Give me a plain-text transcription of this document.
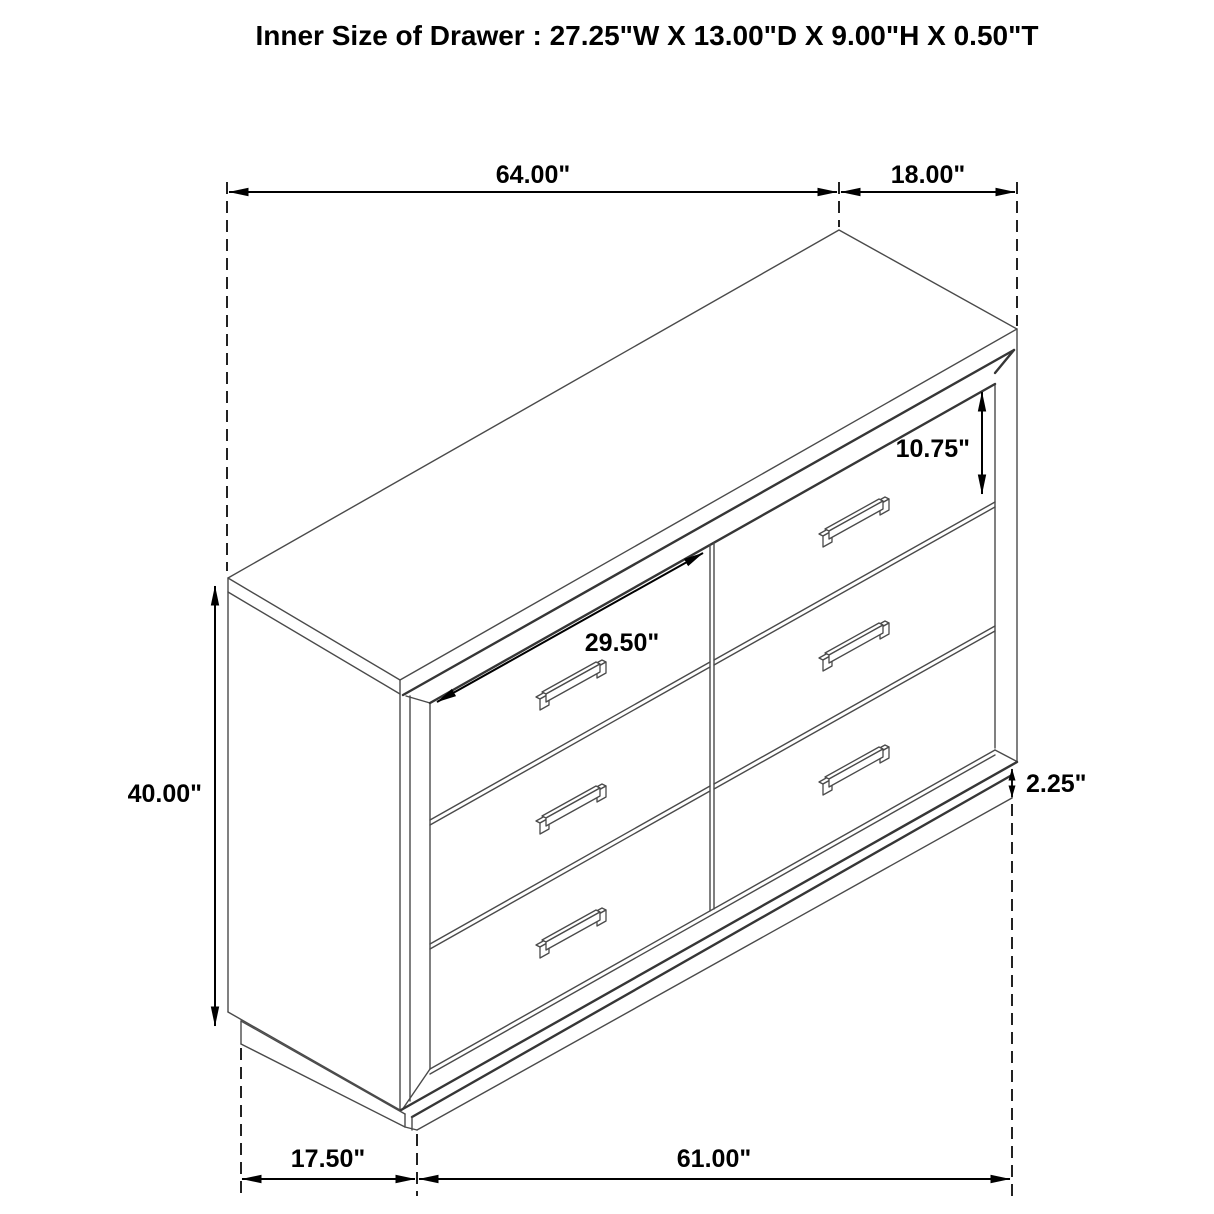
Inner Size of Drawer : 27.25"W X 13.00"D X 9.00"H X 0.50"T
64.00"	18.00"
10.75"
29.50"
40.00"	2.25"
17.50"	61.00"
